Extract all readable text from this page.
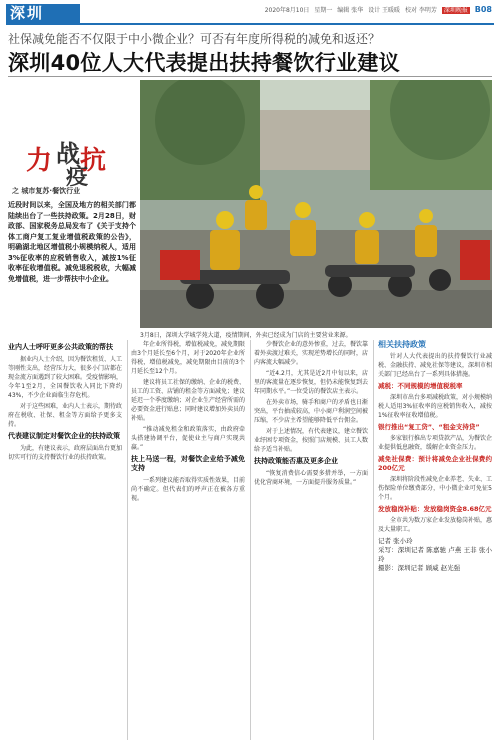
深圳	2020年8月10日 星期一 编辑 张华 设计 王暖暖 校对 李明芳 深圳晚报 B08
社保减免能否不仅限于中小微企业？可否有年度所得税的减免和返还？
深圳40位人大代表提出扶持餐饮行业建议
力 战 抗
疫
之 城市复苏·餐饮行业
近段时间以来，全国及地方的相关部门都陆续出台了一些扶持政策。2月28日，财政部、国家税务总局发布了《关于支持个体工商户复工复业增值税政策的公告》，明确湖北地区增值税小规模纳税人，适用3%征收率的应税销售收入，减按1%征收率征收增值税。减免退税税收，大幅减免增值税，进一步帮扶中小企业。
3月8日，深圳大学城学苑大道，疫情期间，外卖已经成为门店的主要营业来源。
业内人士呼吁更多公共政策的帮扶

据业内人士介绍，因为餐饮租赁、人工等刚性支出，经营压力大，很多小门店都在现金流方面遇到了较大困难。受疫情影响，今年1至2月，全国餐饮收入同比下降约43%，不少企业面临生存危机。

对于这些困难，业内人士表示，期待政府在税收、社保、租金等方面给予更多支持。

代表建议制定对餐饮企业的扶持政策

为此，有建议表示，政府层面出台更加切实可行的支持餐饮行业的扶持政策。

年企业所得税，增值税减免，减免期限由3个月延长至6个月，对于2020年企业所得税，增值税减免，减免期限由目前的3个月延长至12个月。

建议将员工社保的缴纳、企业的税费、员工的工资、店铺的租金等方面减免；建议延迟一个季度缴纳；对企业生产经营所需的必要资金进行贴息；同时建议增加外卖员的补贴。

“推动减免租金和政策落实，由政府牵头搭建协调平台，促使业主与商户实现共赢。”

扶上马送一程，对餐饮企业给予减免支持

一系列建议能否取得实质性效果，目前尚不确定。但代表们的呼声正在被各方重视。

少餐饮企业的意外惨重，过去，餐饮靠着外卖渡过难关，实现逆势增长的同时，店内客流大幅减少。

“近4.2月，尤其是近2月中旬以来，店里的客流量在逐步恢复，但仍未能恢复到去年同期水平。”一位受访的餐饮店主表示。

在外卖市场，骑手和商户的矛盾也日渐突出，平台抽成较高，中小商户利润空间被压缩，不少店主希望能够降低平台佣金。

对于上述情况，有代表建议，建立餐饮业纾困专项资金，按照门店规模、员工人数给予适当补贴。

扶持政策能否惠及更多企业

“恢复消费信心需要多措并举，一方面优化营商环境，一方面提升服务质量。”

相关扶持政策

针对人大代表提出的扶持餐饮行业减税、金融扶持、减免社保等建议，深圳市相关部门已经出台了一系列具体措施。

减税：不同规模的增值税税率

深圳市出台多项减税政策，对小规模纳税人适用3%征收率的应税销售收入，减按1%征收率征收增值税。

银行推出“复工贷”、“租金支持贷”

多家银行推出专项贷款产品，为餐饮企业提供低息融资，缓解企业资金压力。

减免社保费：预计将减免企业社保费约200亿元

深圳将阶段性减免企业养老、失业、工伤保险单位缴费部分，中小微企业可免征5个月。

发放稳岗补贴：发放稳岗资金8.68亿元

全市共为数万家企业发放稳岗补贴，惠及大量职工。

记者 张小玲
采写：深圳记者 陈嘉驰 卢燕 王非 张小玲
摄影：深圳记者 顾威 赵光强
